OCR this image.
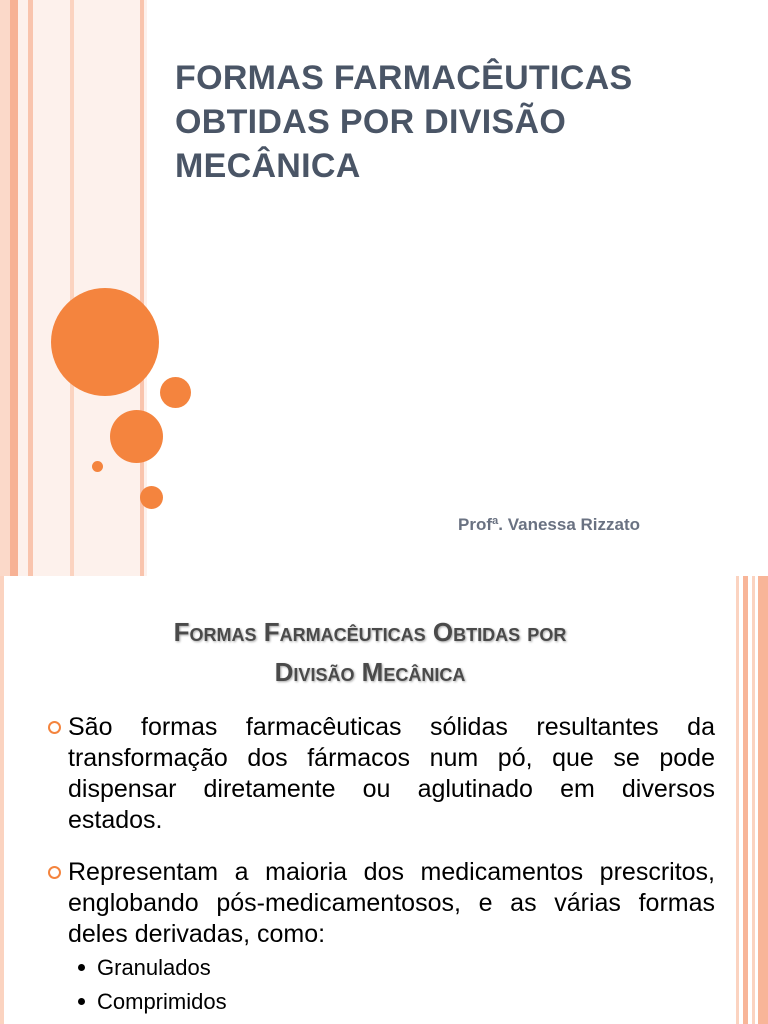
FORMAS FARMACÊUTICAS OBTIDAS POR DIVISÃO MECÂNICA

Profª. Vanessa Rizzato

Formas Farmacêuticas Obtidas por
Divisão Mecânica

São formas farmacêuticas sólidas resultantes da transformação dos fármacos num pó, que se pode dispensar diretamente ou aglutinado em diversos estados.

Representam a maioria dos medicamentos prescritos, englobando pós-medicamentosos, e as várias formas deles derivadas, como:

Granulados
Comprimidos
